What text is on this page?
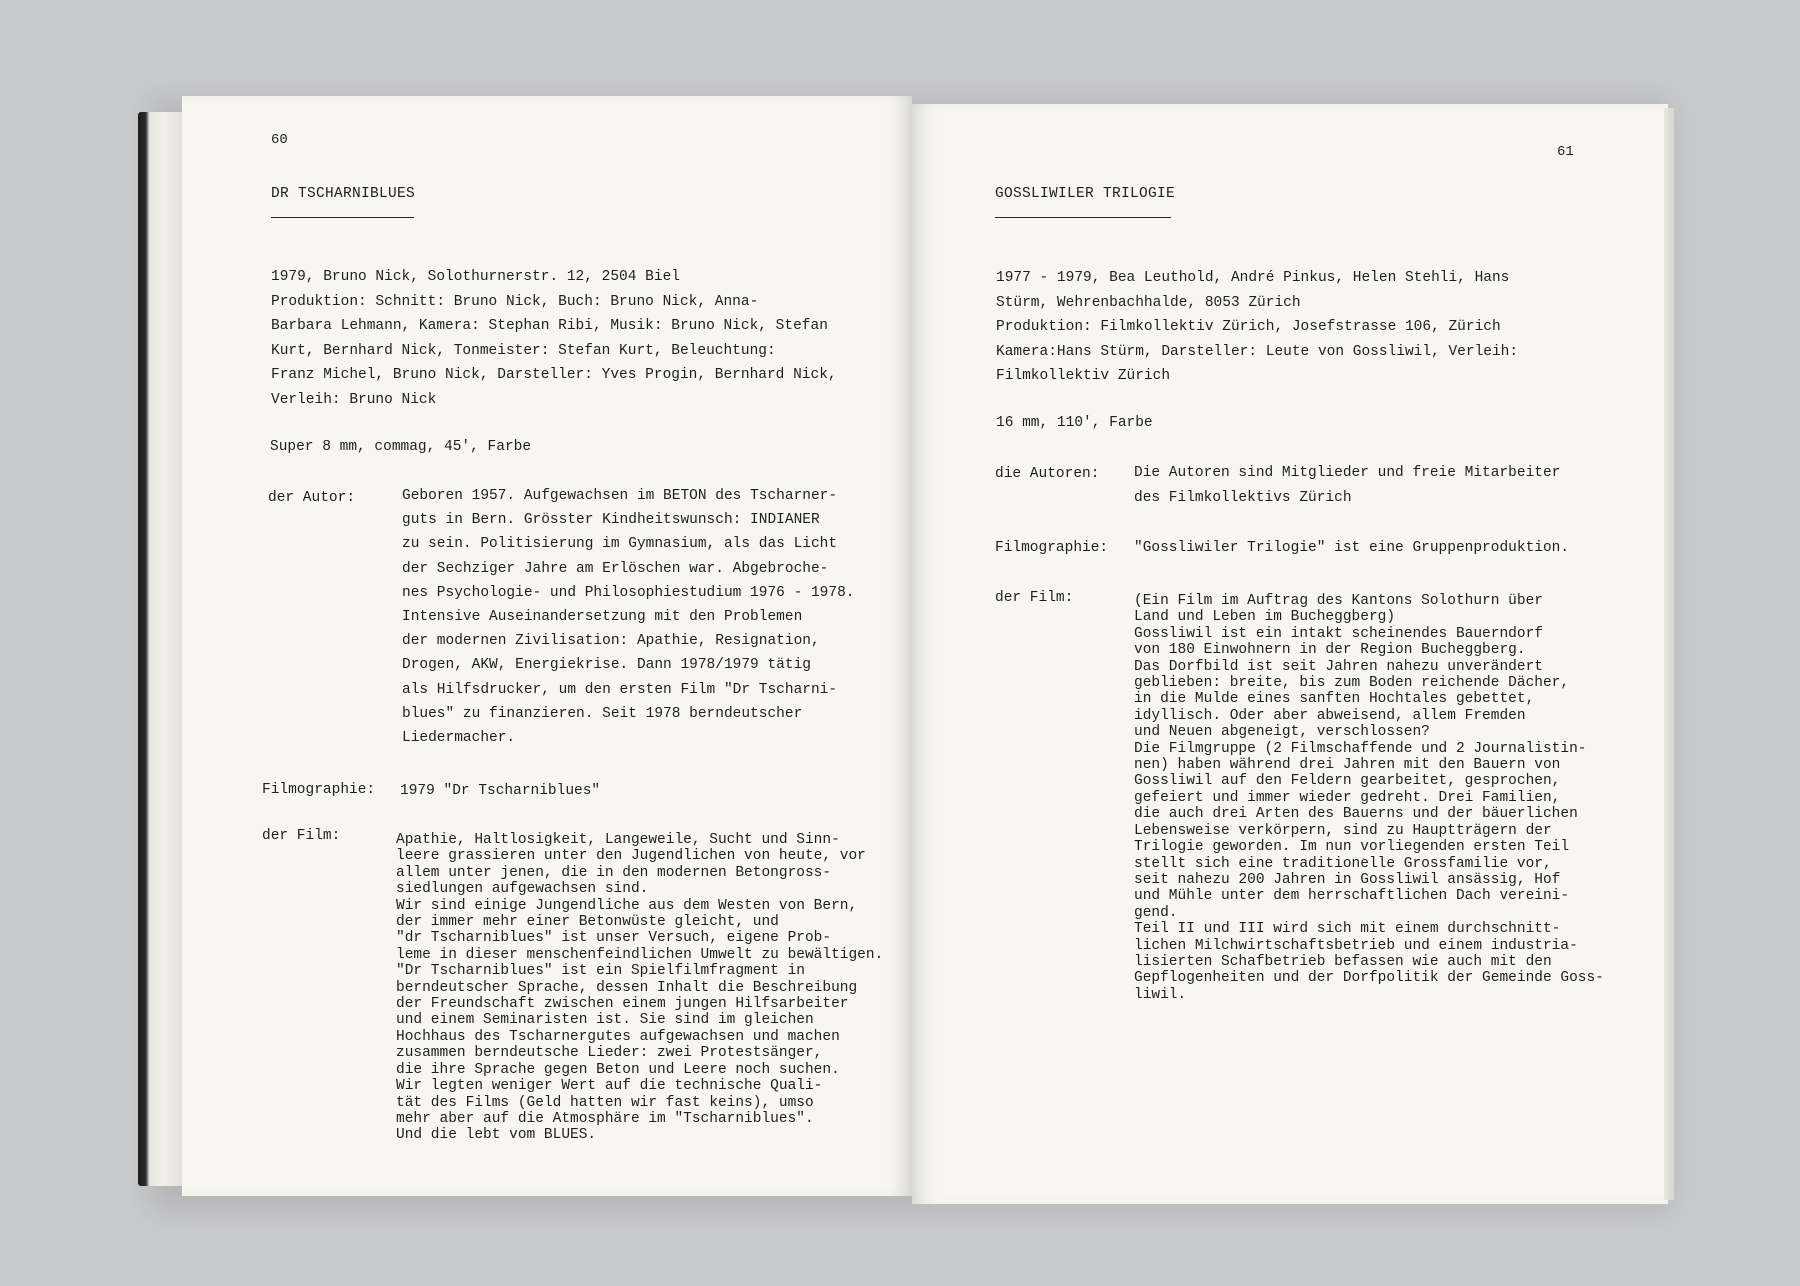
60
DR TSCHARNIBLUES
1979, Bruno Nick, Solothurnerstr. 12, 2504 Biel
Produktion: Schnitt: Bruno Nick, Buch: Bruno Nick, Anna-
Barbara Lehmann, Kamera: Stephan Ribi, Musik: Bruno Nick, Stefan
Kurt, Bernhard Nick, Tonmeister: Stefan Kurt, Beleuchtung:
Franz Michel, Bruno Nick, Darsteller: Yves Progin, Bernhard Nick,
Verleih: Bruno Nick
Super 8 mm, commag, 45', Farbe
der Autor:	Geboren 1957. Aufgewachsen im BETON des Tscharner-
guts in Bern. Grösster Kindheitswunsch: INDIANER
zu sein. Politisierung im Gymnasium, als das Licht
der Sechziger Jahre am Erlöschen war. Abgebroche-
nes Psychologie- und Philosophiestudium 1976 - 1978.
Intensive Auseinandersetzung mit den Problemen
der modernen Zivilisation: Apathie, Resignation,
Drogen, AKW, Energiekrise. Dann 1978/1979 tätig
als Hilfsdrucker, um den ersten Film "Dr Tscharni-
blues" zu finanzieren. Seit 1978 berndeutscher
Liedermacher.
Filmographie: 1979 "Dr Tscharniblues"
der Film:	Apathie, Haltlosigkeit, Langeweile, Sucht und Sinn-
leere grassieren unter den Jugendlichen von heute, vor
allem unter jenen, die in den modernen Betongross-
siedlungen aufgewachsen sind.
Wir sind einige Jungendliche aus dem Westen von Bern,
der immer mehr einer Betonwüste gleicht, und
"dr Tscharniblues" ist unser Versuch, eigene Prob-
leme in dieser menschenfeindlichen Umwelt zu bewältigen.
"Dr Tscharniblues" ist ein Spielfilmfragment in
berndeutscher Sprache, dessen Inhalt die Beschreibung
der Freundschaft zwischen einem jungen Hilfsarbeiter
und einem Seminaristen ist. Sie sind im gleichen
Hochhaus des Tscharnergutes aufgewachsen und machen
zusammen berndeutsche Lieder: zwei Protestsänger,
die ihre Sprache gegen Beton und Leere noch suchen.
Wir legten weniger Wert auf die technische Quali-
tät des Films (Geld hatten wir fast keins), umso
mehr aber auf die Atmosphäre im "Tscharniblues".
Und die lebt vom BLUES.
61
GOSSLIWILER TRILOGIE
1977 - 1979, Bea Leuthold, André Pinkus, Helen Stehli, Hans
Stürm, Wehrenbachhalde, 8053 Zürich
Produktion: Filmkollektiv Zürich, Josefstrasse 106, Zürich
Kamera:Hans Stürm, Darsteller: Leute von Gossliwil, Verleih:
Filmkollektiv Zürich
16 mm, 110', Farbe
die Autoren: Die Autoren sind Mitglieder und freie Mitarbeiter
des Filmkollektivs Zürich
Filmographie: "Gossliwiler Trilogie" ist eine Gruppenproduktion.
der Film:	(Ein Film im Auftrag des Kantons Solothurn über
Land und Leben im Bucheggberg)
Gossliwil ist ein intakt scheinendes Bauerndorf
von 180 Einwohnern in der Region Bucheggberg.
Das Dorfbild ist seit Jahren nahezu unverändert
geblieben: breite, bis zum Boden reichende Dächer,
in die Mulde eines sanften Hochtales gebettet,
idyllisch. Oder aber abweisend, allem Fremden
und Neuen abgeneigt, verschlossen?
Die Filmgruppe (2 Filmschaffende und 2 Journalistin-
nen) haben während drei Jahren mit den Bauern von
Gossliwil auf den Feldern gearbeitet, gesprochen,
gefeiert und immer wieder gedreht. Drei Familien,
die auch drei Arten des Bauerns und der bäuerlichen
Lebensweise verkörpern, sind zu Hauptträgern der
Trilogie geworden. Im nun vorliegenden ersten Teil
stellt sich eine traditionelle Grossfamilie vor,
seit nahezu 200 Jahren in Gossliwil ansässig, Hof
und Mühle unter dem herrschaftlichen Dach vereini-
gend.
Teil II und III wird sich mit einem durchschnitt-
lichen Milchwirtschaftsbetrieb und einem industria-
lisierten Schafbetrieb befassen wie auch mit den
Gepflogenheiten und der Dorfpolitik der Gemeinde Goss-
liwil.
